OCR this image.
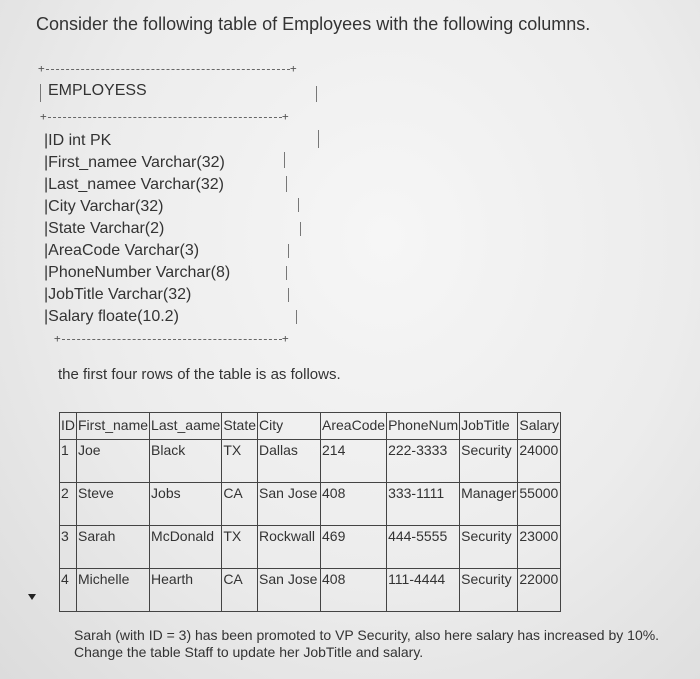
Consider the following table of Employees with the following columns.
+	+
EMPLOYESS
+	+
|ID int PK
|First_namee Varchar(32)
|Last_namee Varchar(32)
|City Varchar(32)
|State Varchar(2)
|AreaCode Varchar(3)
|PhoneNumber Varchar(8)
|JobTitle Varchar(32)
|Salary floate(10.2)
+	+
the first four rows of the table is as follows.
ID	First_name	Last_aame	State	City	AreaCode	PhoneNum	JobTitle	Salary
1	Joe	Black	TX	Dallas	214	222-3333	Security	24000
2	Steve	Jobs	CA	San Jose	408	333-1111	Manager	55000
3	Sarah	McDonald	TX	Rockwall	469	444-5555	Security	23000
4	Michelle	Hearth	CA	San Jose	408	111-4444	Security	22000
Sarah (with ID = 3) has been promoted to VP Security, also here salary has increased by 10%. Change the table Staff to update her JobTitle and salary.
